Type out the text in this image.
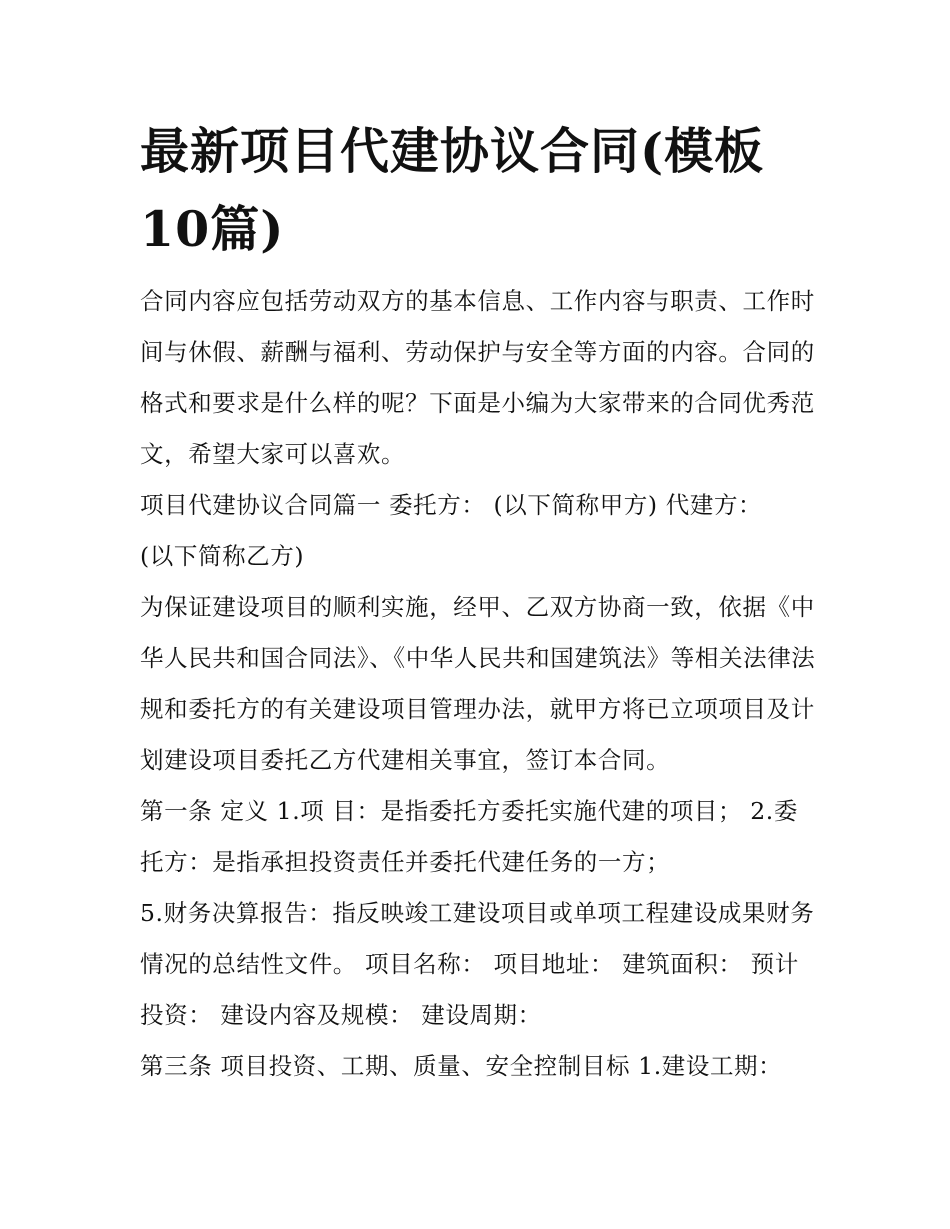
最新项目代建协议合同(模板10篇)

合同内容应包括劳动双方的基本信息、工作内容与职责、工作时间与休假、薪酬与福利、劳动保护与安全等方面的内容。合同的格式和要求是什么样的呢？下面是小编为大家带来的合同优秀范文，希望大家可以喜欢。

项目代建协议合同篇一 委托方： (以下简称甲方) 代建方：

(以下简称乙方)

为保证建设项目的顺利实施，经甲、乙双方协商一致，依据《中华人民共和国合同法》、《中华人民共和国建筑法》等相关法律法规和委托方的有关建设项目管理办法，就甲方将已立项项目及计划建设项目委托乙方代建相关事宜，签订本合同。

第一条 定义 1.项 目：是指委托方委托实施代建的项目； 2.委托方：是指承担投资责任并委托代建任务的一方；

5.财务决算报告：指反映竣工建设项目或单项工程建设成果财务情况的总结性文件。 项目名称： 项目地址： 建筑面积： 预计投资： 建设内容及规模： 建设周期：

第三条 项目投资、工期、质量、安全控制目标 1.建设工期：
